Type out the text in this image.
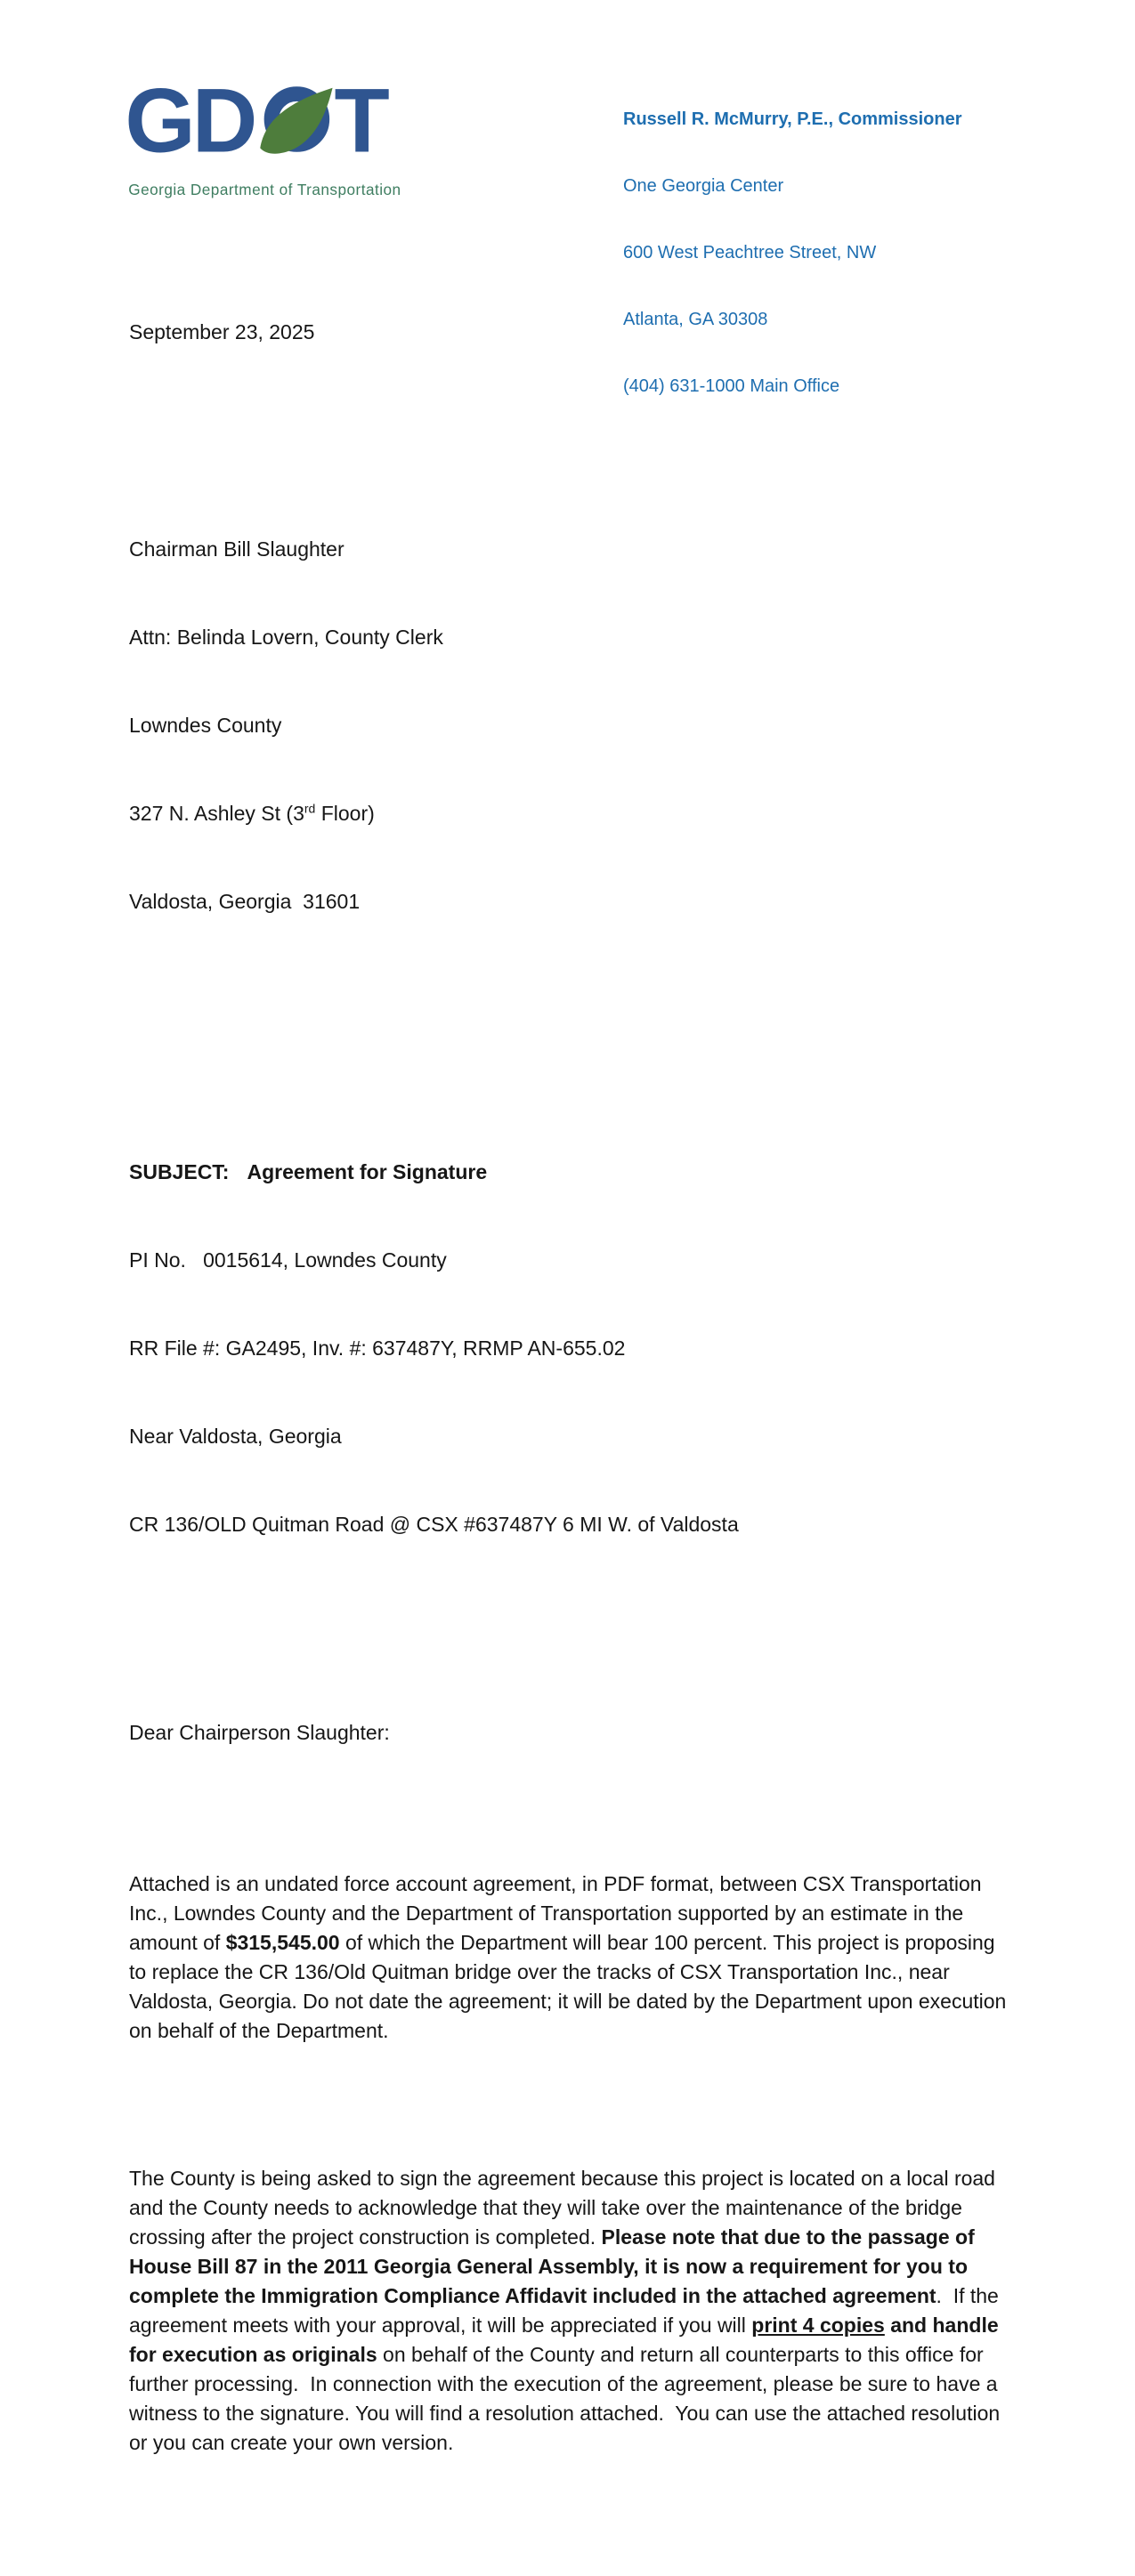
GD T
Georgia Department of Transportation

Russell R. McMurry, P.E., Commissioner

One Georgia Center

600 West Peachtree Street, NW

Atlanta, GA 30308

(404) 631-1000 Main Office

September 23, 2025

Chairman Bill Slaughter

Attn: Belinda Lovern, County Clerk

Lowndes County

327 N. Ashley St (3rd Floor)

Valdosta, Georgia  31601

SUBJECT: Agreement for Signature

PI No.   0015614, Lowndes County

RR File #: GA2495, Inv. #: 637487Y, RRMP AN-655.02

Near Valdosta, Georgia

CR 136/OLD Quitman Road @ CSX #637487Y 6 MI W. of Valdosta

Dear Chairperson Slaughter:

Attached is an undated force account agreement, in PDF format, between CSX Transportation Inc., Lowndes County and the Department of Transportation supported by an estimate in the amount of $315,545.00 of which the Department will bear 100 percent. This project is proposing to replace the CR 136/Old Quitman bridge over the tracks of CSX Transportation Inc., near Valdosta, Georgia. Do not date the agreement; it will be dated by the Department upon execution on behalf of the Department.

The County is being asked to sign the agreement because this project is located on a local road and the County needs to acknowledge that they will take over the maintenance of the bridge crossing after the project construction is completed. Please note that due to the passage of House Bill 87 in the 2011 Georgia General Assembly, it is now a requirement for you to complete the Immigration Compliance Affidavit included in the attached agreement.  If the agreement meets with your approval, it will be appreciated if you will print 4 copies and handle for execution as originals on behalf of the County and return all counterparts to this office for further processing.  In connection with the execution of the agreement, please be sure to have a witness to the signature. You will find a resolution attached.  You can use the attached resolution or you can create your own version.
